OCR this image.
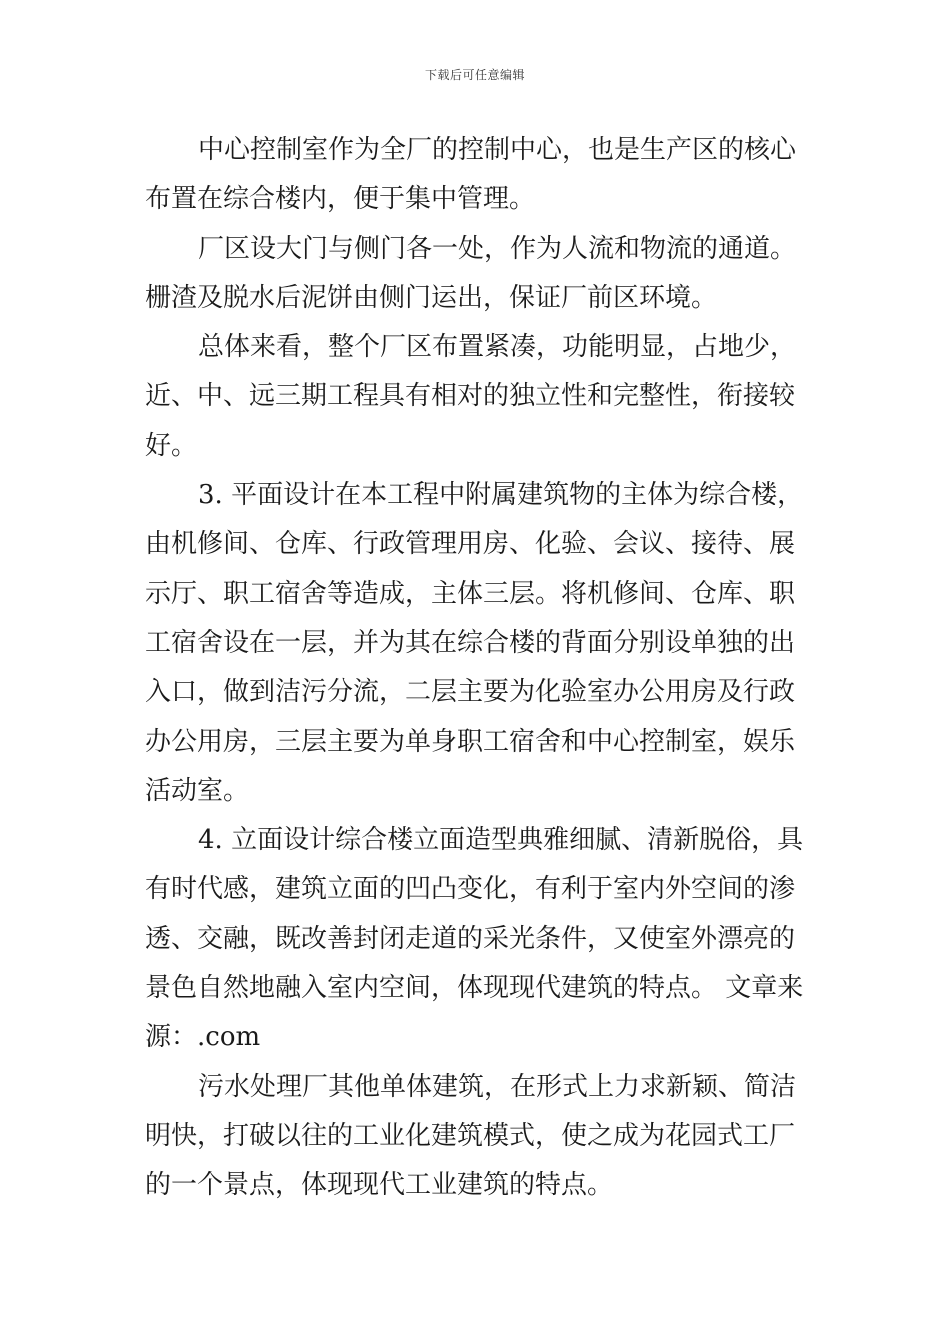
下载后可任意编辑
中心控制室作为全厂的控制中心，也是生产区的核心
布置在综合楼内，便于集中管理。
厂区设大门与侧门各一处，作为人流和物流的通道。
栅渣及脱水后泥饼由侧门运出，保证厂前区环境。
总体来看，整个厂区布置紧凑，功能明显，占地少，
近、中、远三期工程具有相对的独立性和完整性，衔接较
好。
3. 平面设计在本工程中附属建筑物的主体为综合楼，
由机修间、仓库、行政管理用房、化验、会议、接待、展
示厅、职工宿舍等造成，主体三层。将机修间、仓库、职
工宿舍设在一层，并为其在综合楼的背面分别设单独的出
入口，做到洁污分流，二层主要为化验室办公用房及行政
办公用房，三层主要为单身职工宿舍和中心控制室，娱乐
活动室。
4. 立面设计综合楼立面造型典雅细腻、清新脱俗，具
有时代感，建筑立面的凹凸变化，有利于室内外空间的渗
透、交融，既改善封闭走道的采光条件，又使室外漂亮的
景色自然地融入室内空间，体现现代建筑的特点。 文章来
源：.com
污水处理厂其他单体建筑，在形式上力求新颖、简洁
明快，打破以往的工业化建筑模式，使之成为花园式工厂
的一个景点，体现现代工业建筑的特点。
